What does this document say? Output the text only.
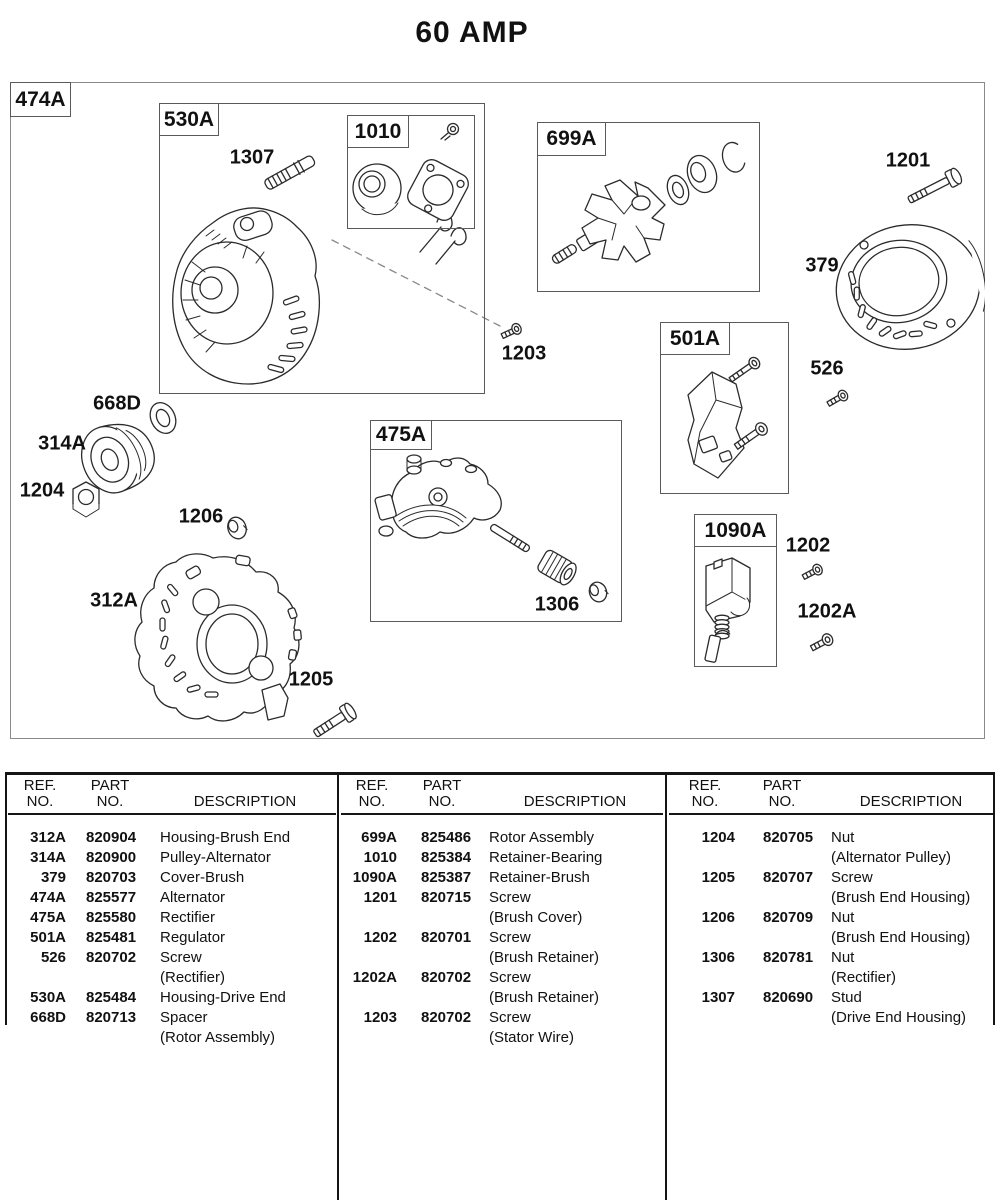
60 AMP
474A
530A
1010	699A
501A
475A
1090A
1307
1203
1201
379
526
668D
314A
1204
1206
312A
1205
1306
1202
1202A
REF.
NO.
PART
NO.	DESCRIPTION
312A	820904	Housing-Brush End
314A	820900	Pulley-Alternator
379	820703	Cover-Brush
474A	825577	Alternator
475A	825580	Rectifier
501A	825481	Regulator
526	820702	Screw
(Rectifier)
530A	825484	Housing-Drive End
668D	820713	Spacer
(Rotor Assembly)
REF.
NO.
PART
NO.	DESCRIPTION
699A	825486	Rotor Assembly
1010	825384	Retainer-Bearing
1090A	825387	Retainer-Brush
1201	820715	Screw
(Brush Cover)
1202	820701	Screw
(Brush Retainer)
1202A	820702	Screw
(Brush Retainer)
1203	820702	Screw
(Stator Wire)
REF.
NO.
PART
NO.	DESCRIPTION
1204	820705	Nut
(Alternator Pulley)
1205	820707	Screw
(Brush End Housing)
1206	820709	Nut
(Brush End Housing)
1306	820781	Nut
(Rectifier)
1307	820690	Stud
(Drive End Housing)
